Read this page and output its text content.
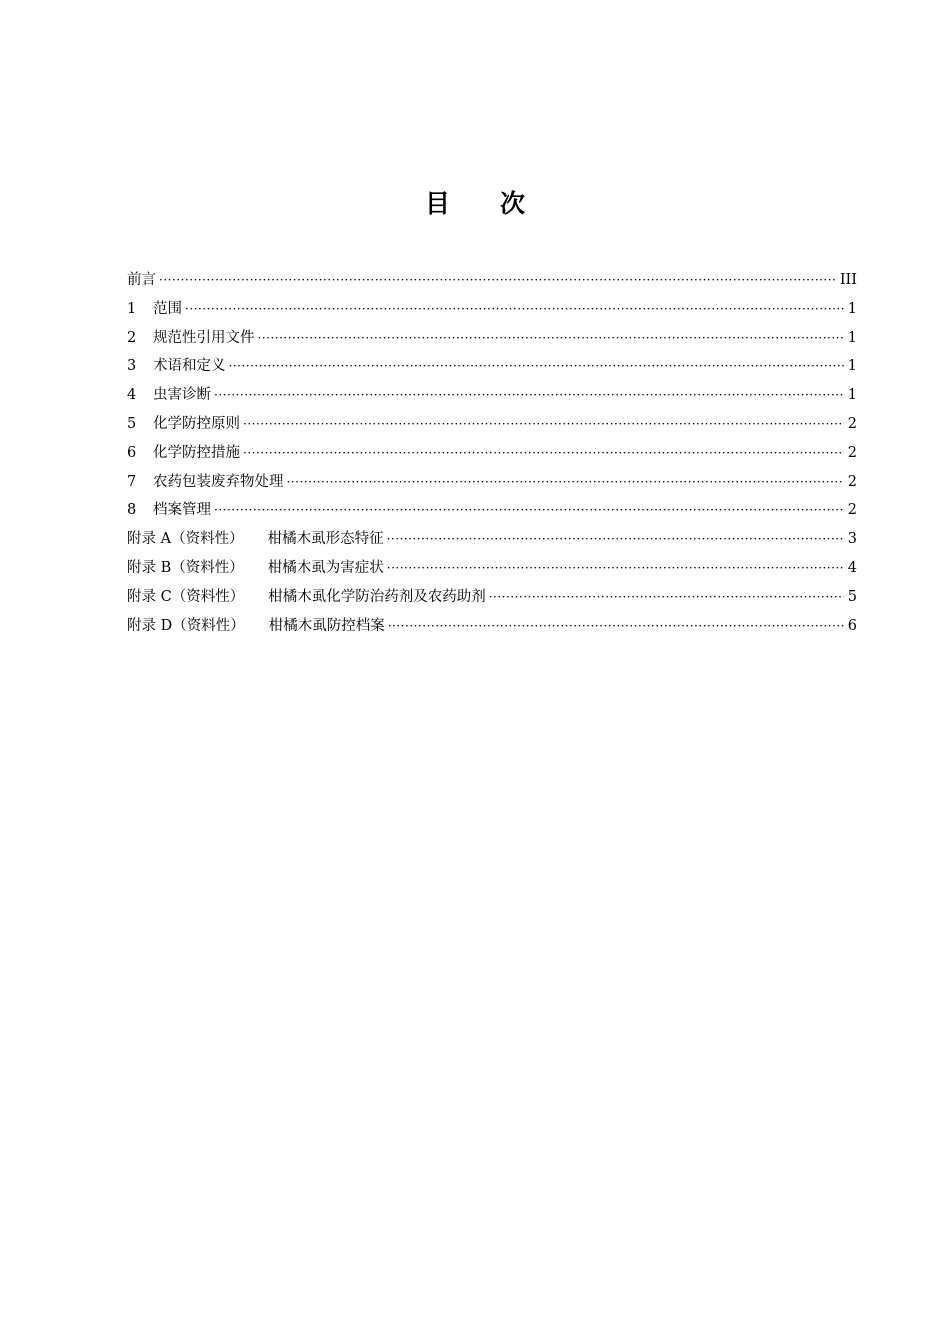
目 次
前言 ·····	III
1	范围 ·····	1
2	规范性引用文件 ·····	1
3	术语和定义 ·····	1
4	虫害诊断 ·····	1
5	化学防控原则 ·····	2
6	化学防控措施 ·····	2
7	农药包装废弃物处理 ·····	2
8	档案管理 ·····	2
附录 A（资料性） 柑橘木虱形态特征 ·····	3
附录 B（资料性） 柑橘木虱为害症状 ·····	4
附录 C（资料性） 柑橘木虱化学防治药剂及农药助剂 ·····	5
附录 D（资料性） 柑橘木虱防控档案 ·····	6
